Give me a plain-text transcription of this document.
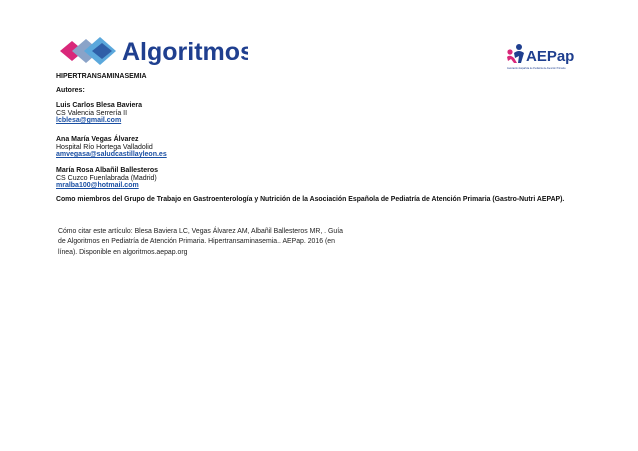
Algoritmos	AEPap
Asociación Española de Pediatría de Atención Primaria
HIPERTRANSAMINASEMIA
Autores:
Luis Carlos Blesa Baviera
CS Valencia Serrería II
lcblesa@gmail.com
Ana María Vegas Álvarez
Hospital Río Hortega Valladolid
amvegasa@saludcastillayleon.es
María Rosa Albañil Ballesteros
CS Cuzco Fuenlabrada (Madrid)
mralba100@hotmail.com
Como miembros del Grupo de Trabajo en Gastroenterología y Nutrición de la Asociación Española de Pediatría de Atención Primaria (Gastro-Nutri AEPAP).
Cómo citar este artículo: Blesa Baviera LC, Vegas Álvarez AM, Albañil Ballesteros MR, . Guía
de Algoritmos en Pediatría de Atención Primaria. Hipertransaminasemia.. AEPap. 2016 (en
línea). Disponible en algoritmos.aepap.org
